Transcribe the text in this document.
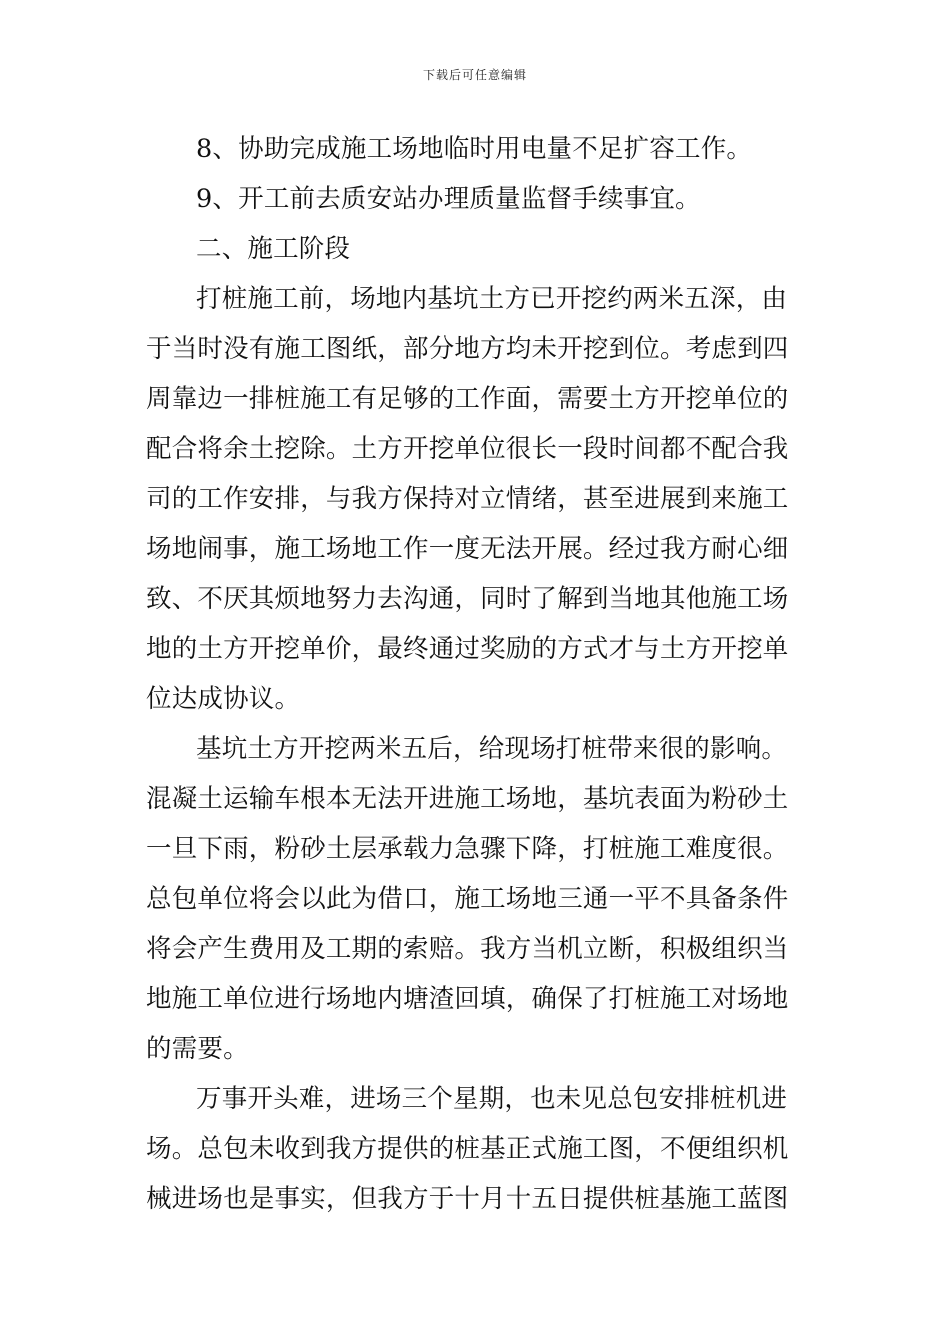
下载后可任意编辑
8、协助完成施工场地临时用电量不足扩容工作。
9、开工前去质安站办理质量监督手续事宜。
二、施工阶段
打桩施工前，场地内基坑土方已开挖约两米五深，由
于当时没有施工图纸，部分地方均未开挖到位。考虑到四
周靠边一排桩施工有足够的工作面，需要土方开挖单位的
配合将余土挖除。土方开挖单位很长一段时间都不配合我
司的工作安排，与我方保持对立情绪，甚至进展到来施工
场地闹事，施工场地工作一度无法开展。经过我方耐心细
致、不厌其烦地努力去沟通，同时了解到当地其他施工场
地的土方开挖单价，最终通过奖励的方式才与土方开挖单
位达成协议。
基坑土方开挖两米五后，给现场打桩带来很的影响。
混凝土运输车根本无法开进施工场地，基坑表面为粉砂土
一旦下雨，粉砂土层承载力急骤下降，打桩施工难度很。
总包单位将会以此为借口，施工场地三通一平不具备条件
将会产生费用及工期的索赔。我方当机立断，积极组织当
地施工单位进行场地内塘渣回填，确保了打桩施工对场地
的需要。
万事开头难，进场三个星期，也未见总包安排桩机进
场。总包未收到我方提供的桩基正式施工图，不便组织机
械进场也是事实，但我方于十月十五日提供桩基施工蓝图
